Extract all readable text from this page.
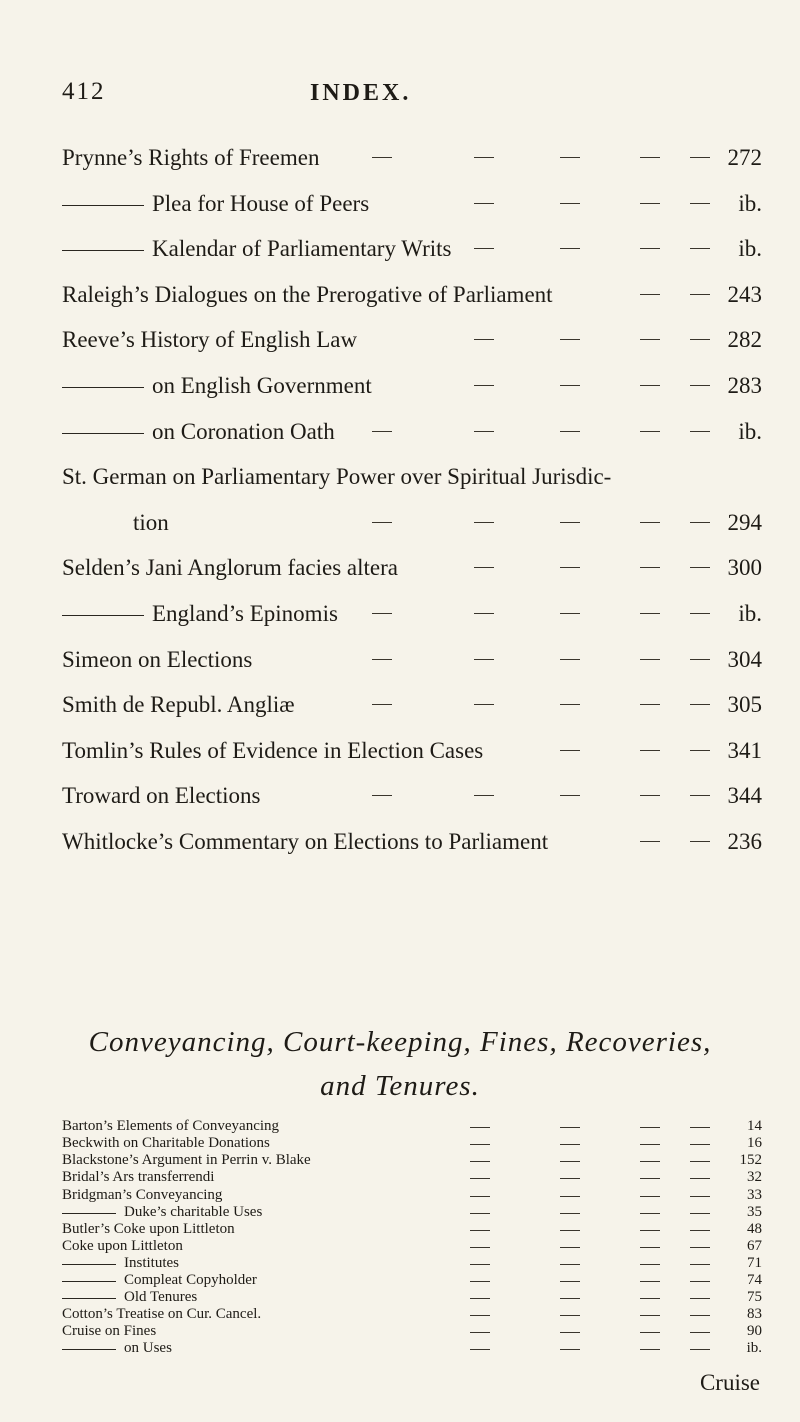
412	INDEX.
Prynne’s Rights of Freemen	272
Plea for House of Peers	ib.
Kalendar of Parliamentary Writs	ib.
Raleigh’s Dialogues on the Prerogative of Parliament	243
Reeve’s History of English Law	282
on English Government	283
on Coronation Oath	ib.
St. German on Parliamentary Power over Spiritual Jurisdic-
tion	294
Selden’s Jani Anglorum facies altera	300
England’s Epinomis	ib.
Simeon on Elections	304
Smith de Republ. Angliæ	305
Tomlin’s Rules of Evidence in Election Cases	341
Troward on Elections	344
Whitlocke’s Commentary on Elections to Parliament	236
Conveyancing, Court-keeping, Fines, Recoveries,
and Tenures.
Barton’s Elements of Conveyancing	14
Beckwith on Charitable Donations	16
Blackstone’s Argument in Perrin v. Blake	152
Bridal’s Ars transferrendi	32
Bridgman’s Conveyancing	33
Duke’s charitable Uses	35
Butler’s Coke upon Littleton	48
Coke upon Littleton	67
Institutes	71
Compleat Copyholder	74
Old Tenures	75
Cotton’s Treatise on Cur. Cancel.	83
Cruise on Fines	90
on Uses	ib.
Cruise
